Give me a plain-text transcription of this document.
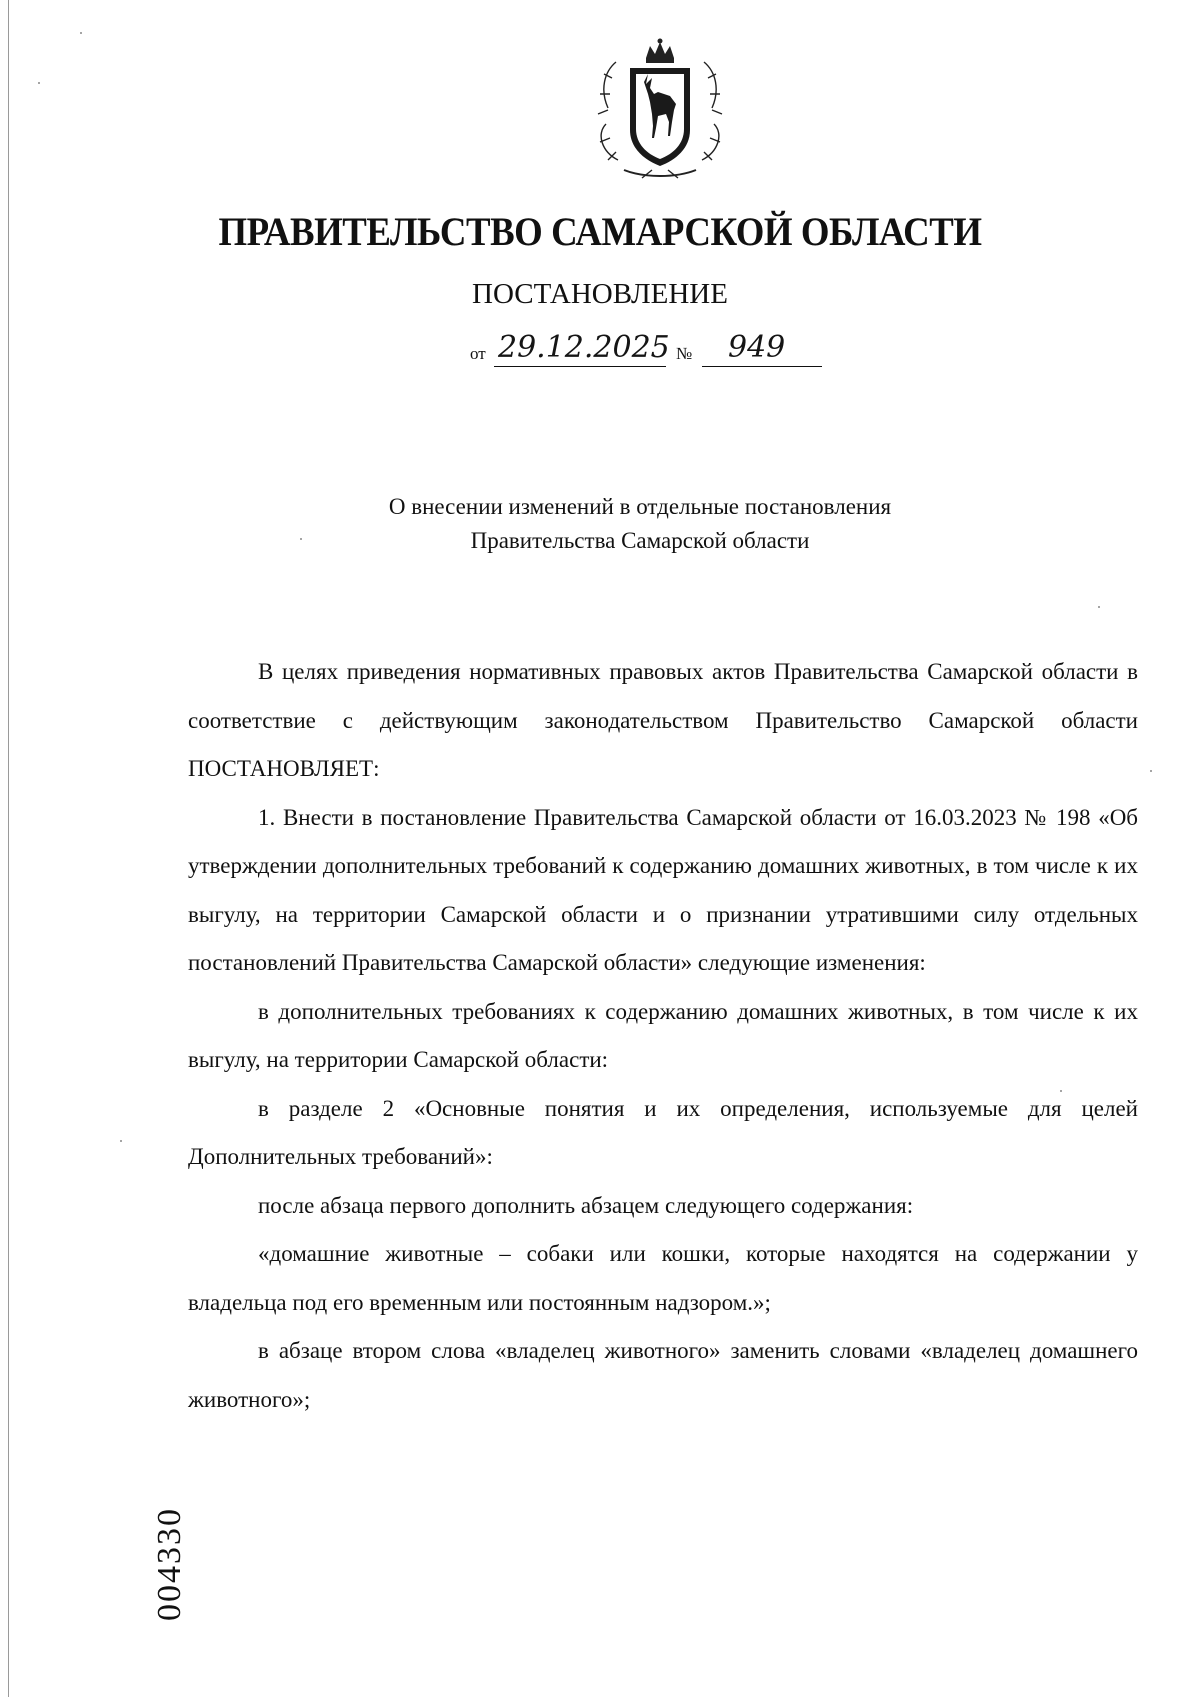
ПРАВИТЕЛЬСТВО САМАРСКОЙ ОБЛАСТИ
ПОСТАНОВЛЕНИЕ
от 29.12.2025 № 949
О внесении изменений в отдельные постановления
Правительства Самарской области

В целях приведения нормативных правовых актов Правительства Самарской области в соответствие с действующим законодательством Правительство Самарской области ПОСТАНОВЛЯЕТ:

1. Внести в постановление Правительства Самарской области от 16.03.2023 № 198 «Об утверждении дополнительных требований к содержанию домашних животных, в том числе к их выгулу, на территории Самарской области и о признании утратившими силу отдельных постановлений Правительства Самарской области» следующие изменения:

в дополнительных требованиях к содержанию домашних животных, в том числе к их выгулу, на территории Самарской области:

в разделе 2 «Основные понятия и их определения, используемые для целей Дополнительных требований»:

после абзаца первого дополнить абзацем следующего содержания:

«домашние животные – собаки или кошки, которые находятся на содержании у владельца под его временным или постоянным надзором.»;

в абзаце втором слова «владелец животного» заменить словами «владелец домашнего животного»;

004330
